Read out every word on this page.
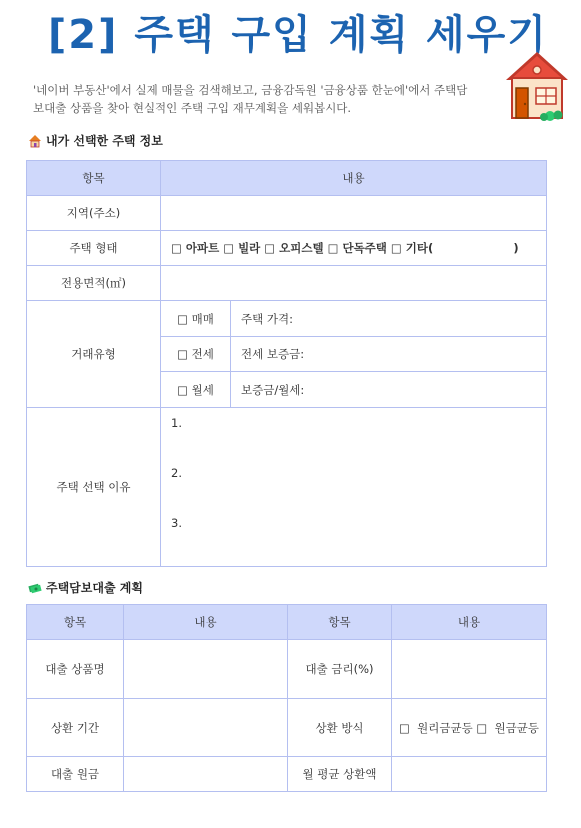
[2] 주택 구입 계획 세우기
'네이버 부동산'에서 실제 매물을 검색해보고, 금융감독원 '금융상품 한눈에'에서 주택담보대출 상품을 찾아 현실적인 주택 구입 재무계획을 세워봅시다.
내가 선택한 주택 정보
항목	내용	
지역(주소)		
주택 형태	□ 아파트 □ 빌라 □ 오피스텔 □ 단독주택 □ 기타(                    )	
전용면적(㎡)		
거래유형	□ 매매	주택 가격:
	□ 전세	전세 보증금:
	□ 월세	보증금/월세:
주택 선택 이유	1.
2.
3.	
주택담보대출 계획
항목	내용	항목	내용
대출 상품명		대출 금리(%)	
상환 기간		상환 방식	□  원리금균등 □  원금균등
대출 원금		월 평균 상환액	
